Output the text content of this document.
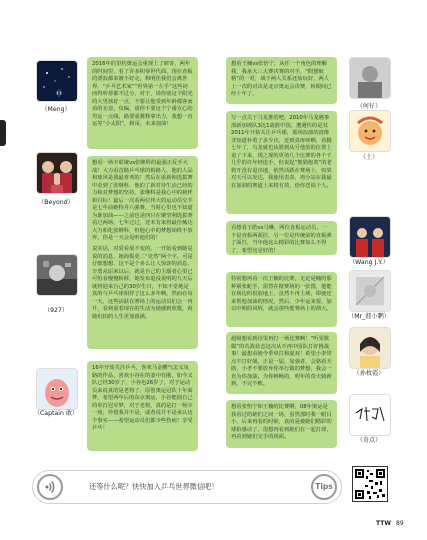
（Meng）
2016年的里约奥运会重现上了研寄，两年的时间里，看了许多积零世代面，现在直板的漂浪都来被不好走，和明佳我们会离世界，“乒乓艺术家”“世界第一左手”这些词而得听帮都不过分，对于，请你别这个阳光的大男孩好一点，不要让他受到年龄都客而看的无奈，负编，请你不要这个宁番宣心的男运一点线，路要重翼释拿出力，我想一直运等“小太阳”，和哥，未来加油！
（Beyond）
想看一场丰联聚vs张继科的最强正反手大战！大力看首路乒乓球的相路人，他的人品和球风是我最喜欢的！然后在重新和选拔赛中看到了张继科，他的了新对待生活已经的力和对梦想的坚持，张继科是我心中的榜样和目标！最后一次看两位伟大的运动员交手是七年前她特丹八强赛，当时心里也不知道为谁加油——之前也是四只在聚坚利选拔赛看过两场，七年过过，还未有来得最佳械达大力和化张继科，但他心中的梦想始终不放弃，你是一天会见听他们的！
（927）
说实话，对爱看展不变的，一开始看到她是说的消息，她海鬓更二“竞然”两个字，可是仔细想想，这不是个多么让人惊讶的消息，辛勇从原来以后，就是自己的主溺者心里已可怕看慢慢转移，她发布退役说明的九天后就将迎来自己的30岁生日，不知不觉地是真的与乒乓球相伴了这么多年啊，然而在每一天，这些活跃在赛场上的运动员们会一再升，看到重着现在的生活为她感到欣歌，祝她们拍的人生更加圆满。
（Captain 敢）
16年开始关注乒乓，喜欢马金鹏气怎义氛路的作品，喜欢小谷在的柔中有刚，如今又队已经30岁了，小谷也26岁了，对于运动员来说真的是老将了，原创奥运冠队十年面梦，希望两年后的东京奥运，小谷能圆自己的单打冠军梦，对于老将，真的是打一场少一场，珍惜我并不是，或者说并不是承认这个事实——希望运动员们都少些伤病！享受乒乓！
想看王楠vs张怡宁，从任一个角色的理解我，我承大三大赛决赛的对手，“假想航柄”的一对，域下两人关系还始玩好，两人上一次的对决是北京奥运会决赛，转眼间已经十年了。
（何仔）
写一点关于马龙推的吧，2010年马龙遇事部新加坡队3比1战胜中国，遭遇性的是其2011年开始关注乒乓球，那场浪凛的清像非知道补着了多少次，近到真疼疼啊，看腾七年了，乌龙就也从愿到从号他放的位置上退了下来，现之现的更值几个比赛的各个千几乎的许年轻选手，但说起“熊猫抱着”的老将开没有退出地，依然活跃在赛场上，如果对天可以发达，我使用表表，再分站在我最在加油的赛道上来将有效，给你送福个人。
（土）
看想看王皓vs马琳，两位直板运动员，一个是直板两面拉，另一位是传统前的直板弹了面打，当年他这么精彩的比赛每么不得了，希望这是好的！
（Wang J.Y.）
特别想再看一次王楠的比赛，无论是楠的那种紧张蛇手，需替在擅赛场的一张图，他能在场边的很胶地上，虽然不再上场，即使还来帮他加油的情况，然后，少年运来要，加以中期的风辉，就会那些能赛场上的谓大。
（Mr_涯小鹏）
超级想看到诗雯再打一场比赛啊！“听雯歌媒”的荒战状态这次从不再中国队打好挑战事！最想看她今季单打和混双！希望小李带点丰打好兢，正是一届，加强者，会骆看天助，小孝不要放弃你举行做的梦想，我会一直为你加油，为你畅畅的，明年的奇天骑新到，不完不败。
（孙枚霞）
想看张怡宁和王楠的比赛啊，08年奥运是我看过的她们之间一场，虽然那时我一眼目小，后来再看的时候，真的是被她们精彩的球拍感动了。很想再看到她们在一起打球，再看到她们交手的场面。	（奇点）
还等什么呢？快快加入乒乓世界微信吧！	Tips
TTW 89
